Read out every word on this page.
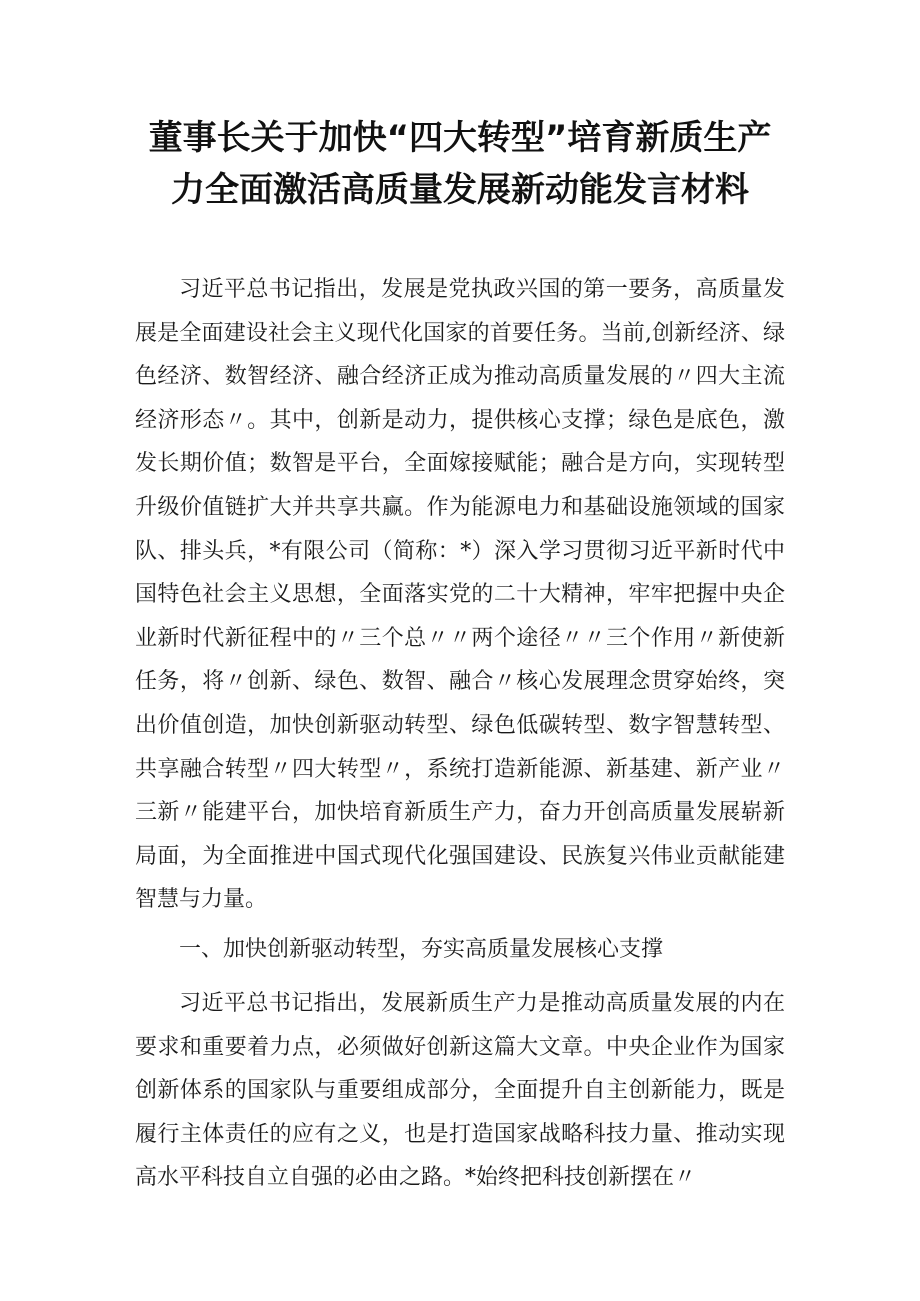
董事长关于加快“四大转型”培育新质生产
力全面激活高质量发展新动能发言材料

习近平总书记指出，发展是党执政兴国的第一要务，高质量发展是全面建设社会主义现代化国家的首要任务。当前,创新经济、绿色经济、数智经济、融合经济正成为推动高质量发展的〃四大主流经济形态〃。其中，创新是动力，提供核心支撑；绿色是底色，激发长期价值；数智是平台，全面嫁接赋能；融合是方向，实现转型升级价值链扩大并共享共赢。作为能源电力和基础设施领域的国家队、排头兵，*有限公司（简称：*）深入学习贯彻习近平新时代中国特色社会主义思想，全面落实党的二十大精神，牢牢把握中央企业新时代新征程中的〃三个总〃〃两个途径〃〃三个作用〃新使新任务，将〃创新、绿色、数智、融合〃核心发展理念贯穿始终，突出价值创造，加快创新驱动转型、绿色低碳转型、数字智慧转型、共享融合转型〃四大转型〃，系统打造新能源、新基建、新产业〃三新〃能建平台，加快培育新质生产力，奋力开创高质量发展崭新局面，为全面推进中国式现代化强国建设、民族复兴伟业贡献能建智慧与力量。

一、加快创新驱动转型，夯实高质量发展核心支撑

习近平总书记指出，发展新质生产力是推动高质量发展的内在要求和重要着力点，必须做好创新这篇大文章。中央企业作为国家创新体系的国家队与重要组成部分，全面提升自主创新能力，既是履行主体责任的应有之义，也是打造国家战略科技力量、推动实现高水平科技自立自强的必由之路。*始终把科技创新摆在〃
